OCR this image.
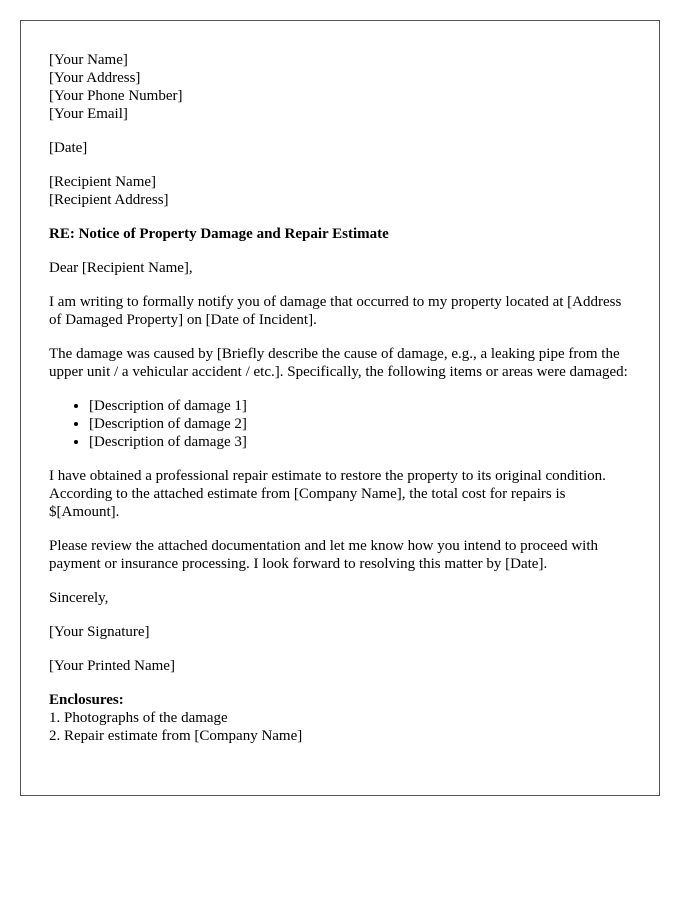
[Your Name]
[Your Address]
[Your Phone Number]
[Your Email]
[Date]
[Recipient Name]
[Recipient Address]
RE: Notice of Property Damage and Repair Estimate

Dear [Recipient Name],

I am writing to formally notify you of damage that occurred to my property located at [Address of Damaged Property] on [Date of Incident].

The damage was caused by [Briefly describe the cause of damage, e.g., a leaking pipe from the upper unit / a vehicular accident / etc.]. Specifically, the following items or areas were damaged:

• [Description of damage 1]
• [Description of damage 2]
• [Description of damage 3]

I have obtained a professional repair estimate to restore the property to its original condition. According to the attached estimate from [Company Name], the total cost for repairs is $[Amount].

Please review the attached documentation and let me know how you intend to proceed with payment or insurance processing. I look forward to resolving this matter by [Date].

Sincerely,

[Your Signature]

[Your Printed Name]

Enclosures:
1. Photographs of the damage
2. Repair estimate from [Company Name]
